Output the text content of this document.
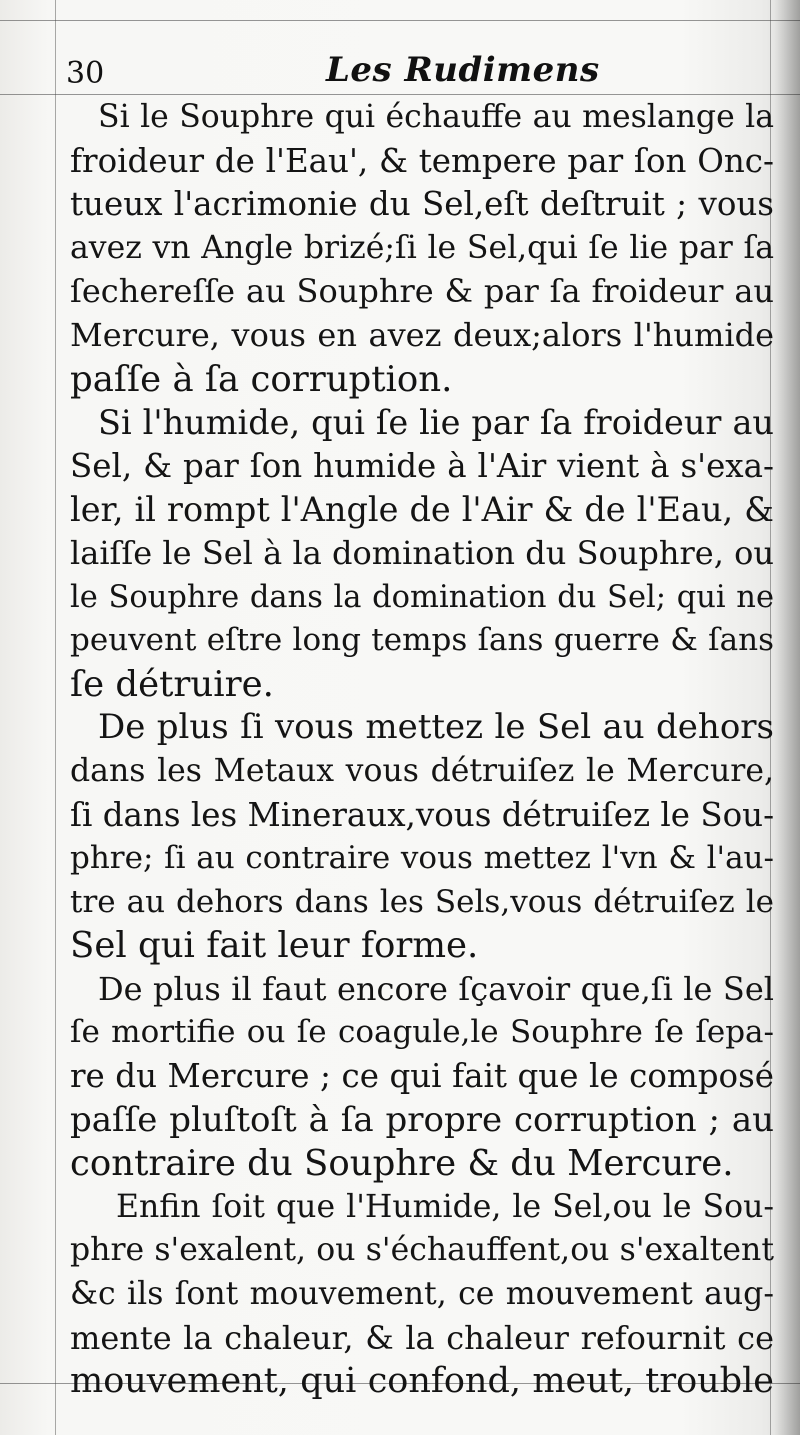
30	Les Rudimens
Si le Souphre qui échauffe au meslange la
froideur de l'Eau', & tempere par ſon Onc-
tueux l'acrimonie du Sel,eſt deſtruit ; vous
avez vn Angle brizé;ſi le Sel,qui ſe lie par ſa
ſechereſſe au Souphre & par ſa froideur au
Mercure, vous en avez deux;alors l'humide
paſſe à ſa corruption.
Si l'humide, qui ſe lie par ſa froideur au
Sel, & par ſon humide à l'Air vient à s'exa-
ler, il rompt l'Angle de l'Air & de l'Eau, &
laiſſe le Sel à la domination du Souphre, ou
le Souphre dans la domination du Sel; qui ne
peuvent eſtre long temps ſans guerre & ſans
ſe détruire.
De plus ſi vous mettez le Sel au dehors
dans les Metaux vous détruiſez le Mercure,
ſi dans les Mineraux,vous détruiſez le Sou-
phre; ſi au contraire vous mettez l'vn & l'au-
tre au dehors dans les Sels,vous détruiſez le
Sel qui fait leur forme.
De plus il faut encore ſçavoir que,ſi le Sel
ſe mortifie ou ſe coagule,le Souphre ſe ſepa-
re du Mercure ; ce qui fait que le composé
paſſe pluſtoſt à ſa propre corruption ; au
contraire du Souphre & du Mercure.
Enfin ſoit que l'Humide, le Sel,ou le Sou-
phre s'exalent, ou s'échauffent,ou s'exaltent
&c ils ſont mouvement, ce mouvement aug-
mente la chaleur, & la chaleur refournit ce
mouvement, qui confond, meut, trouble
